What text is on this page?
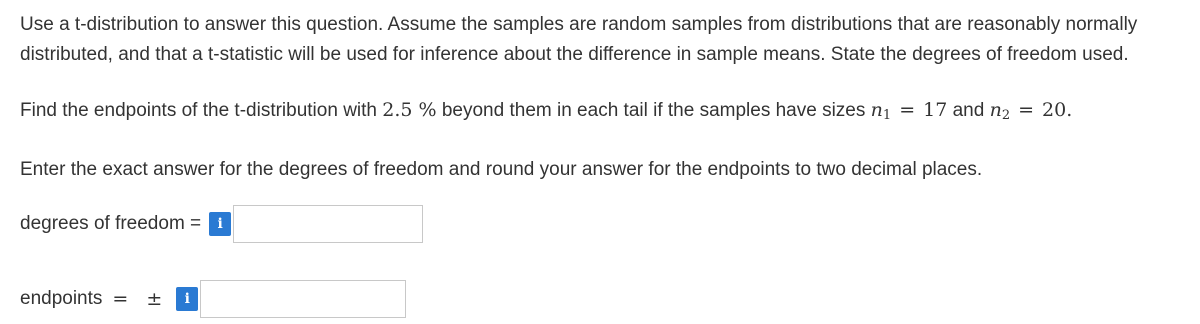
Use a t-distribution to answer this question. Assume the samples are random samples from distributions that are reasonably normally distributed, and that a t-statistic will be used for inference about the difference in sample means. State the degrees of freedom used.

Find the endpoints of the t-distribution with 2.5 % beyond them in each tail if the samples have sizes $n_1 = 17$ and $n_2 = 20$.

Enter the exact answer for the degrees of freedom and round your answer for the endpoints to two decimal places.

degrees of freedom =	i
endpoints = ±	i
